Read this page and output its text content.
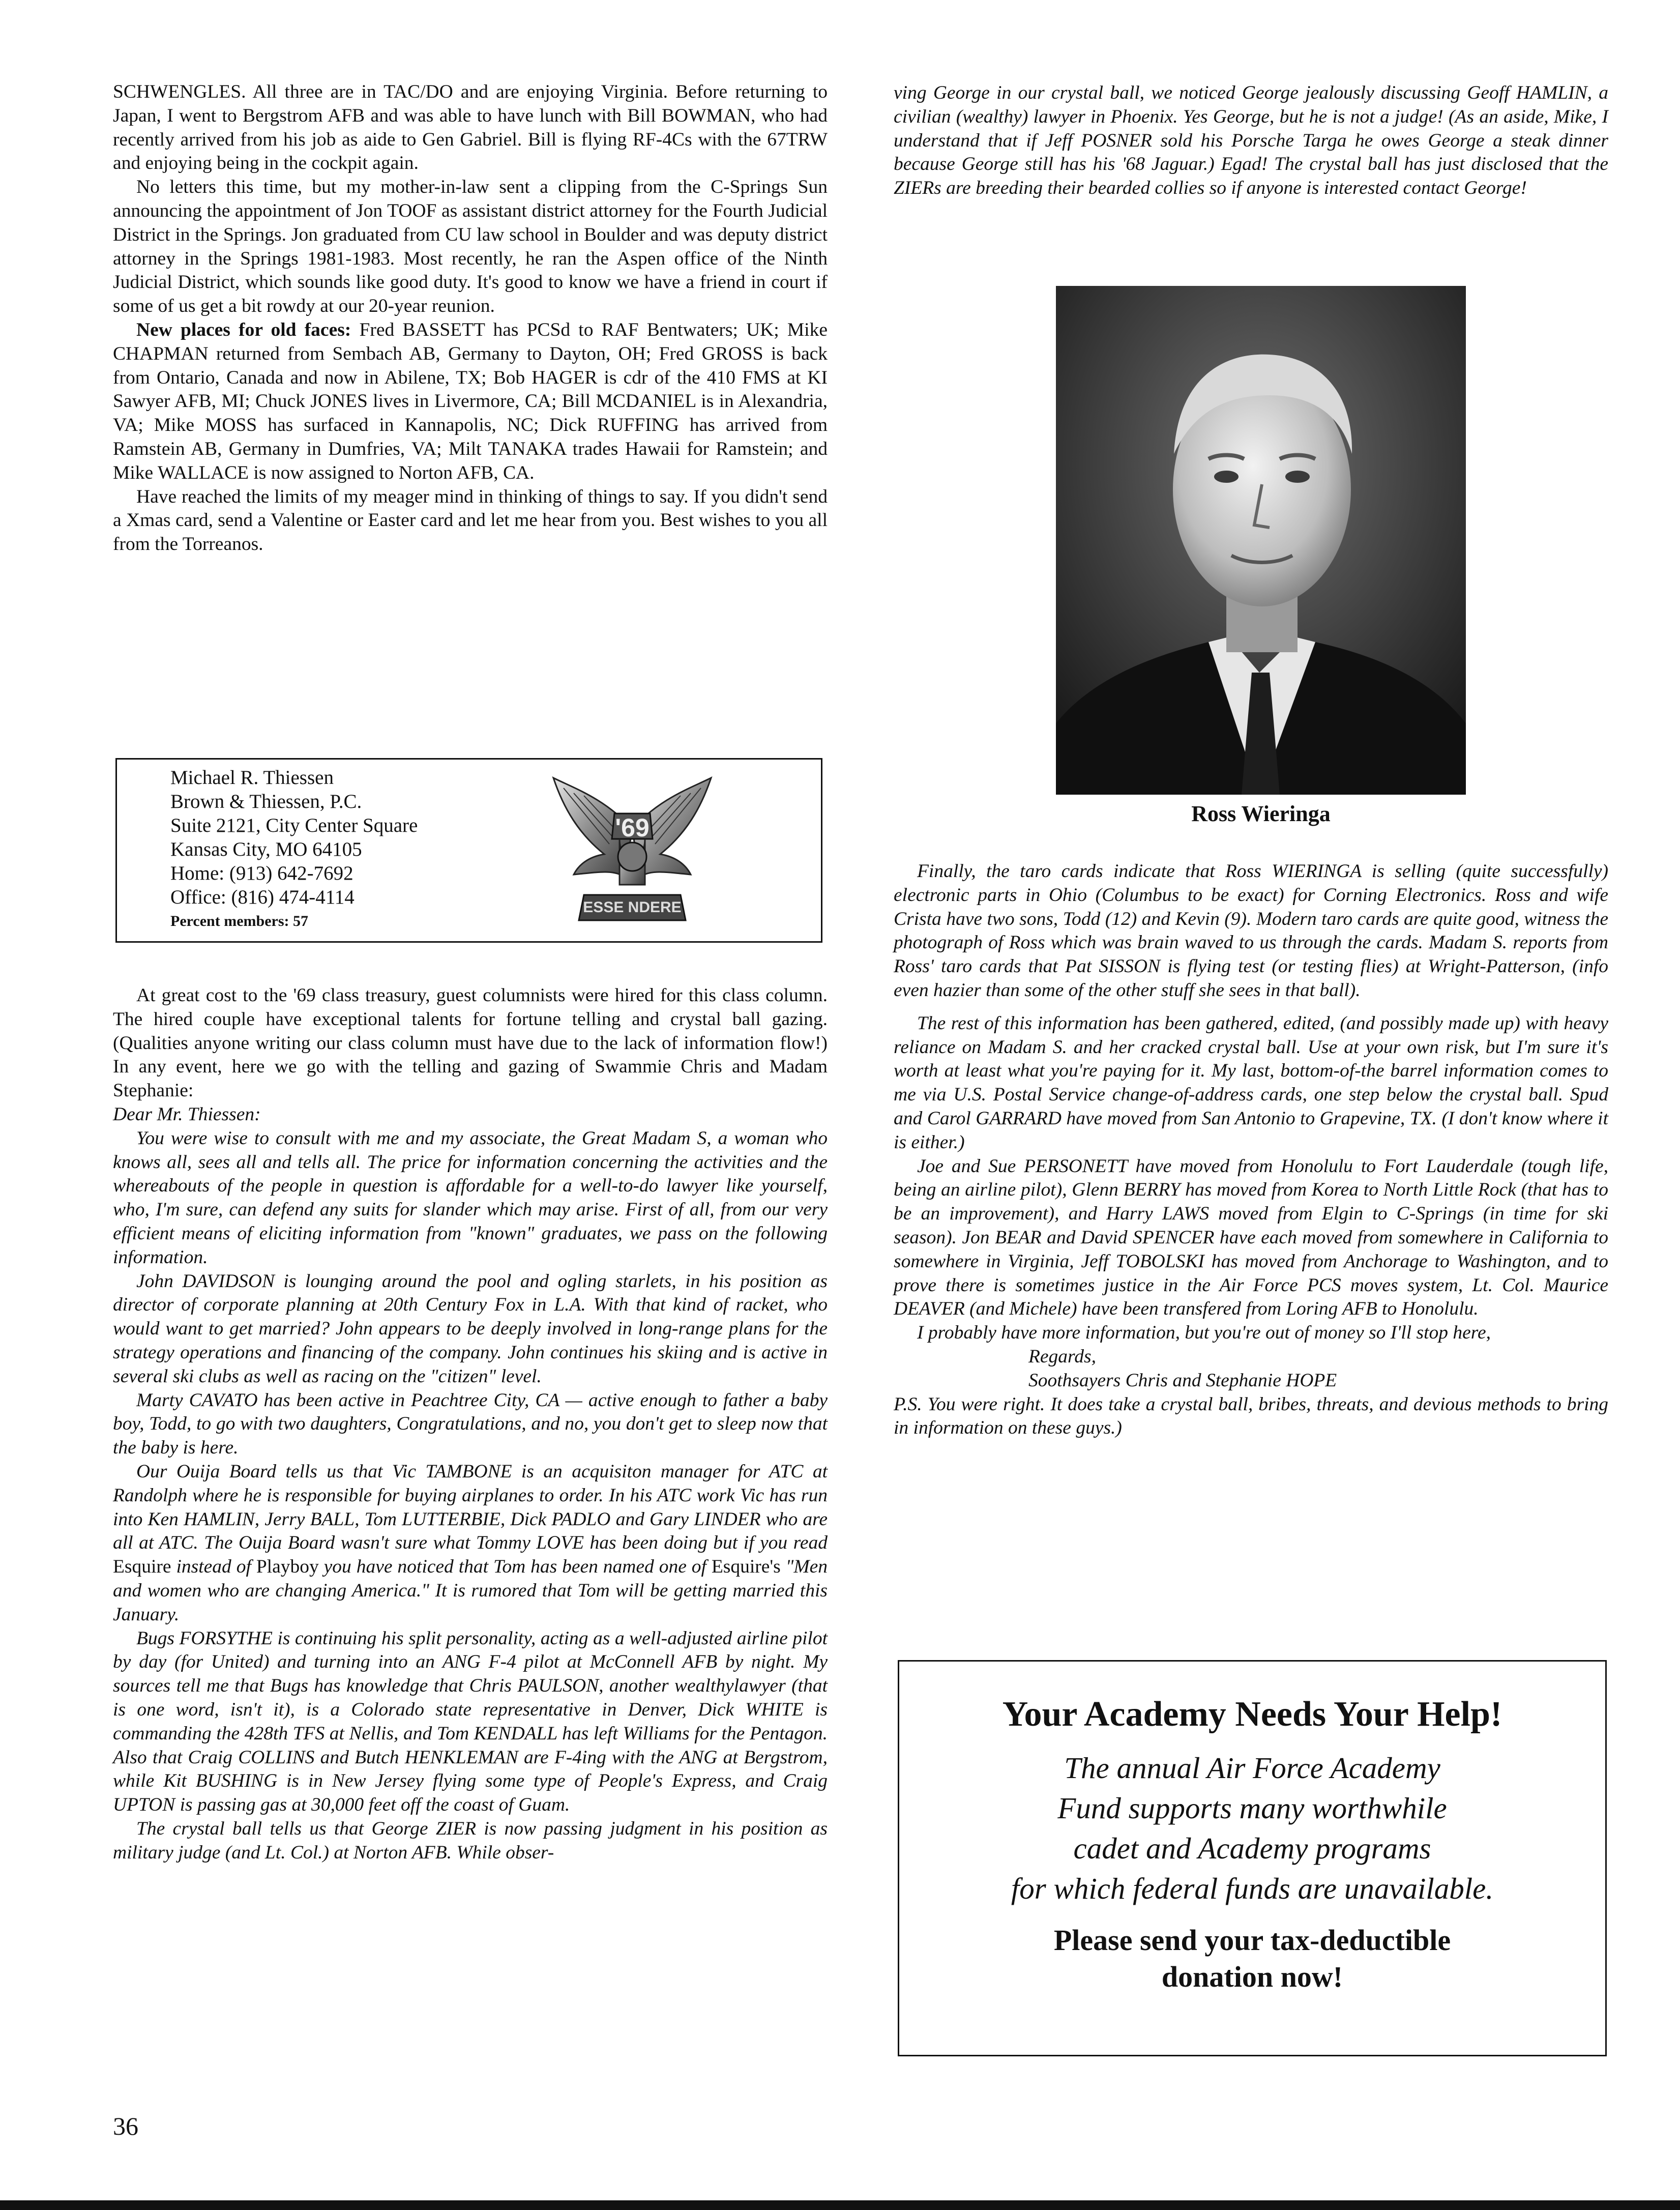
SCHWENGLES. All three are in TAC/DO and are enjoying Virginia. Before returning to Japan, I went to Bergstrom AFB and was able to have lunch with Bill BOWMAN, who had recently arrived from his job as aide to Gen Gabriel. Bill is flying RF-4Cs with the 67TRW and enjoying being in the cockpit again.

No letters this time, but my mother-in-law sent a clipping from the C-Springs Sun announcing the appointment of Jon TOOF as assistant district attorney for the Fourth Judicial District in the Springs. Jon graduated from CU law school in Boulder and was deputy district attorney in the Springs 1981-1983. Most recently, he ran the Aspen office of the Ninth Judicial District, which sounds like good duty. It's good to know we have a friend in court if some of us get a bit rowdy at our 20-year reunion.

New places for old faces: Fred BASSETT has PCSd to RAF Bentwaters; UK; Mike CHAPMAN returned from Sembach AB, Germany to Dayton, OH; Fred GROSS is back from Ontario, Canada and now in Abilene, TX; Bob HAGER is cdr of the 410 FMS at KI Sawyer AFB, MI; Chuck JONES lives in Livermore, CA; Bill MCDANIEL is in Alexandria, VA; Mike MOSS has surfaced in Kannapolis, NC; Dick RUFFING has arrived from Ramstein AB, Germany in Dumfries, VA; Milt TANAKA trades Hawaii for Ramstein; and Mike WALLACE is now assigned to Norton AFB, CA.

Have reached the limits of my meager mind in thinking of things to say. If you didn't send a Xmas card, send a Valentine or Easter card and let me hear from you. Best wishes to you all from the Torreanos.

Michael R. Thiessen
Brown & Thiessen, P.C.
Suite 2121, City Center Square
Kansas City, MO 64105
Home: (913) 642-7692
Office: (816) 474-4114
Percent members: 57
'69
ESSE NDERE

At great cost to the '69 class treasury, guest columnists were hired for this class column. The hired couple have exceptional talents for fortune telling and crystal ball gazing. (Qualities anyone writing our class column must have due to the lack of information flow!) In any event, here we go with the telling and gazing of Swammie Chris and Madam Stephanie:

Dear Mr. Thiessen:

You were wise to consult with me and my associate, the Great Madam S, a woman who knows all, sees all and tells all. The price for information concerning the activities and the whereabouts of the people in question is affordable for a well-to-do lawyer like yourself, who, I'm sure, can defend any suits for slander which may arise. First of all, from our very efficient means of eliciting information from "known" graduates, we pass on the following information.

John DAVIDSON is lounging around the pool and ogling starlets, in his position as director of corporate planning at 20th Century Fox in L.A. With that kind of racket, who would want to get married? John appears to be deeply involved in long-range plans for the strategy operations and financing of the company. John continues his skiing and is active in several ski clubs as well as racing on the "citizen" level.

Marty CAVATO has been active in Peachtree City, CA — active enough to father a baby boy, Todd, to go with two daughters, Congratulations, and no, you don't get to sleep now that the baby is here.

Our Ouija Board tells us that Vic TAMBONE is an acquisiton manager for ATC at Randolph where he is responsible for buying airplanes to order. In his ATC work Vic has run into Ken HAMLIN, Jerry BALL, Tom LUTTERBIE, Dick PADLO and Gary LINDER who are all at ATC. The Ouija Board wasn't sure what Tommy LOVE has been doing but if you read Esquire instead of Playboy you have noticed that Tom has been named one of Esquire's "Men and women who are changing America." It is rumored that Tom will be getting married this January.

Bugs FORSYTHE is continuing his split personality, acting as a well-adjusted airline pilot by day (for United) and turning into an ANG F-4 pilot at McConnell AFB by night. My sources tell me that Bugs has knowledge that Chris PAULSON, another wealthylawyer (that is one word, isn't it), is a Colorado state representative in Denver, Dick WHITE is commanding the 428th TFS at Nellis, and Tom KENDALL has left Williams for the Pentagon. Also that Craig COLLINS and Butch HENKLEMAN are F-4ing with the ANG at Bergstrom, while Kit BUSHING is in New Jersey flying some type of People's Express, and Craig UPTON is passing gas at 30,000 feet off the coast of Guam.

The crystal ball tells us that George ZIER is now passing judgment in his position as military judge (and Lt. Col.) at Norton AFB. While obser-

ving George in our crystal ball, we noticed George jealously discussing Geoff HAMLIN, a civilian (wealthy) lawyer in Phoenix. Yes George, but he is not a judge! (As an aside, Mike, I understand that if Jeff POSNER sold his Porsche Targa he owes George a steak dinner because George still has his '68 Jaguar.) Egad! The crystal ball has just disclosed that the ZIERs are breeding their bearded collies so if anyone is interested contact George!

Ross Wieringa

Finally, the taro cards indicate that Ross WIERINGA is selling (quite successfully) electronic parts in Ohio (Columbus to be exact) for Corning Electronics. Ross and wife Crista have two sons, Todd (12) and Kevin (9). Modern taro cards are quite good, witness the photograph of Ross which was brain waved to us through the cards. Madam S. reports from Ross' taro cards that Pat SISSON is flying test (or testing flies) at Wright-Patterson, (info even hazier than some of the other stuff she sees in that ball).

The rest of this information has been gathered, edited, (and possibly made up) with heavy reliance on Madam S. and her cracked crystal ball. Use at your own risk, but I'm sure it's worth at least what you're paying for it. My last, bottom-of-the barrel information comes to me via U.S. Postal Service change-of-address cards, one step below the crystal ball. Spud and Carol GARRARD have moved from San Antonio to Grapevine, TX. (I don't know where it is either.)

Joe and Sue PERSONETT have moved from Honolulu to Fort Lauderdale (tough life, being an airline pilot), Glenn BERRY has moved from Korea to North Little Rock (that has to be an improvement), and Harry LAWS moved from Elgin to C-Springs (in time for ski season). Jon BEAR and David SPENCER have each moved from somewhere in California to somewhere in Virginia, Jeff TOBOLSKI has moved from Anchorage to Washington, and to prove there is sometimes justice in the Air Force PCS moves system, Lt. Col. Maurice DEAVER (and Michele) have been transfered from Loring AFB to Honolulu.

I probably have more information, but you're out of money so I'll stop here,

Regards,

Soothsayers Chris and Stephanie HOPE

P.S. You were right. It does take a crystal ball, bribes, threats, and devious methods to bring in information on these guys.)

Your Academy Needs Your Help!
The annual Air Force Academy
Fund supports many worthwhile
cadet and Academy programs
for which federal funds are unavailable.
Please send your tax-deductible
donation now!
36
